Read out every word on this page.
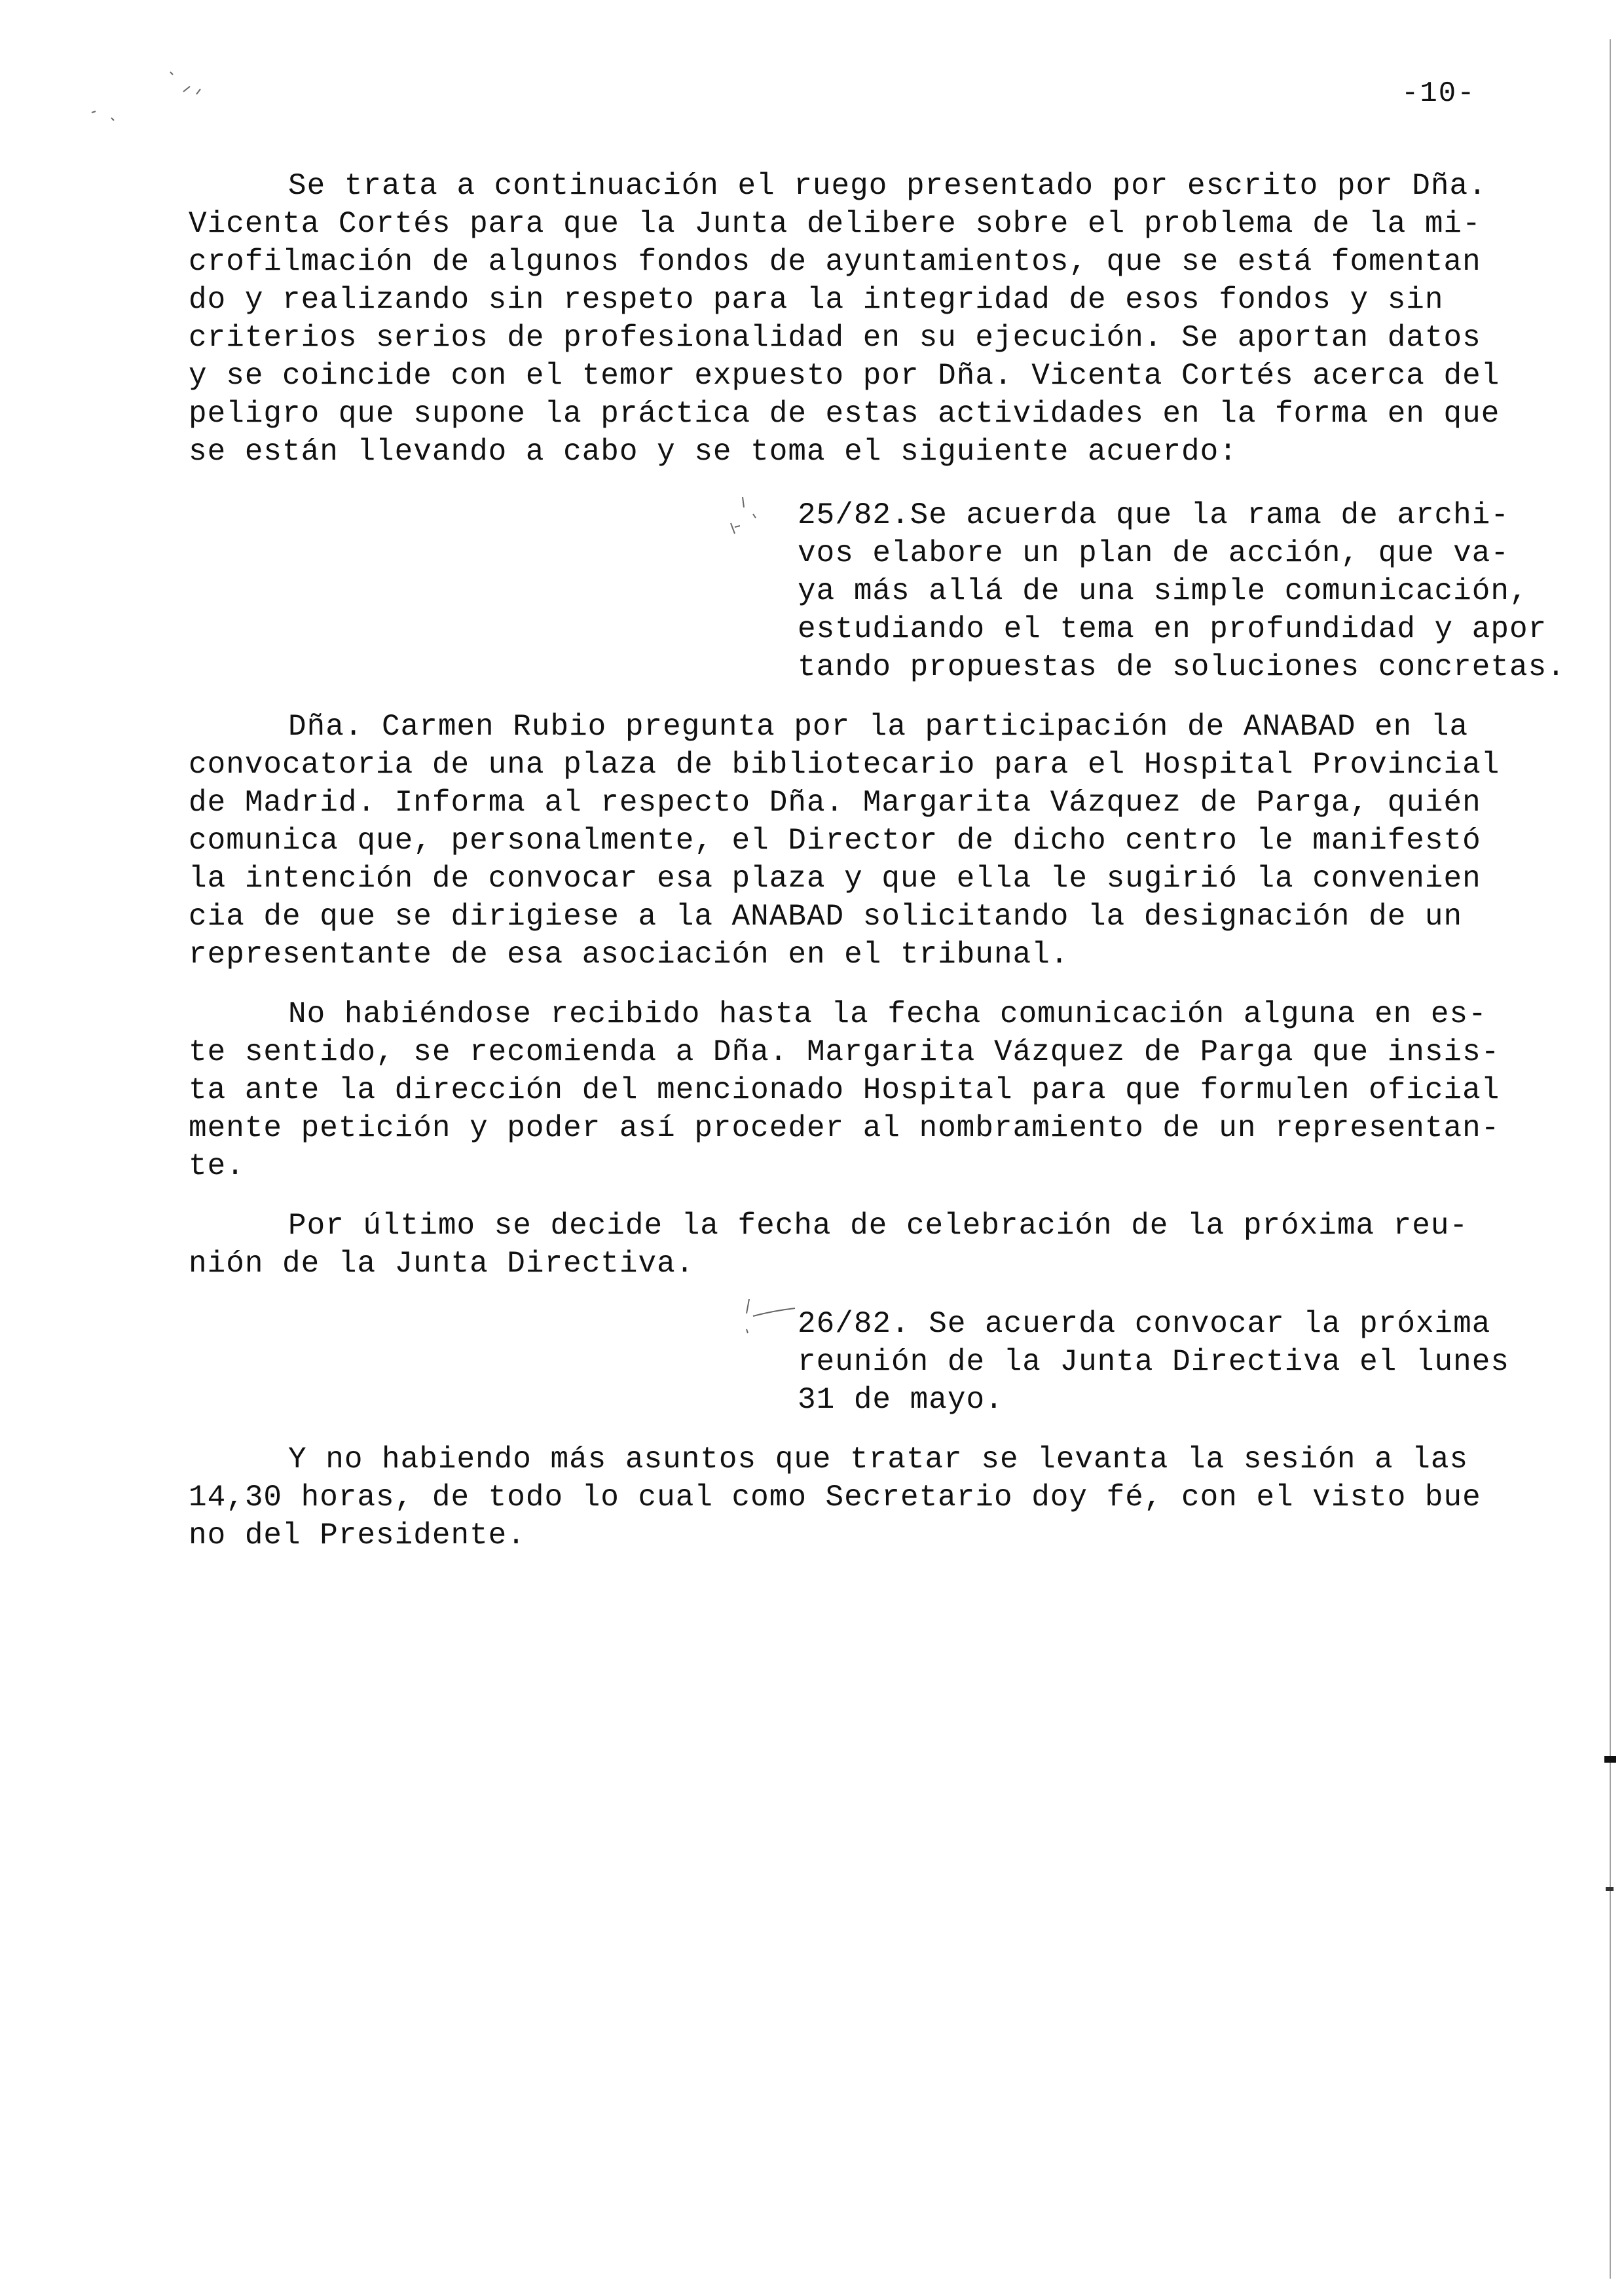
-10-
Se trata a continuación el ruego presentado por escrito por Dña.
Vicenta Cortés para que la Junta delibere sobre el problema de la mi-
crofilmación de algunos fondos de ayuntamientos, que se está fomentan
do y realizando sin respeto para la integridad de esos fondos y sin
criterios serios de profesionalidad en su ejecución. Se aportan datos
y se coincide con el temor expuesto por Dña. Vicenta Cortés acerca del
peligro que supone la práctica de estas actividades en la forma en que
se están llevando a cabo y se toma el siguiente acuerdo:
25/82.Se acuerda que la rama de archi-
vos elabore un plan de acción, que va-
ya más allá de una simple comunicación,
estudiando el tema en profundidad y apor
tando propuestas de soluciones concretas.
Dña. Carmen Rubio pregunta por la participación de ANABAD en la
convocatoria de una plaza de bibliotecario para el Hospital Provincial
de Madrid. Informa al respecto Dña. Margarita Vázquez de Parga, quién
comunica que, personalmente, el Director de dicho centro le manifestó
la intención de convocar esa plaza y que ella le sugirió la convenien
cia de que se dirigiese a la ANABAD solicitando la designación de un
representante de esa asociación en el tribunal.
No habiéndose recibido hasta la fecha comunicación alguna en es-
te sentido, se recomienda a Dña. Margarita Vázquez de Parga que insis-
ta ante la dirección del mencionado Hospital para que formulen oficial
mente petición y poder así proceder al nombramiento de un representan-
te.
Por último se decide la fecha de celebración de la próxima reu-
nión de la Junta Directiva.
26/82. Se acuerda convocar la próxima
reunión de la Junta Directiva el lunes
31 de mayo.
Y no habiendo más asuntos que tratar se levanta la sesión a las
14,30 horas, de todo lo cual como Secretario doy fé, con el visto bue
no del Presidente.
